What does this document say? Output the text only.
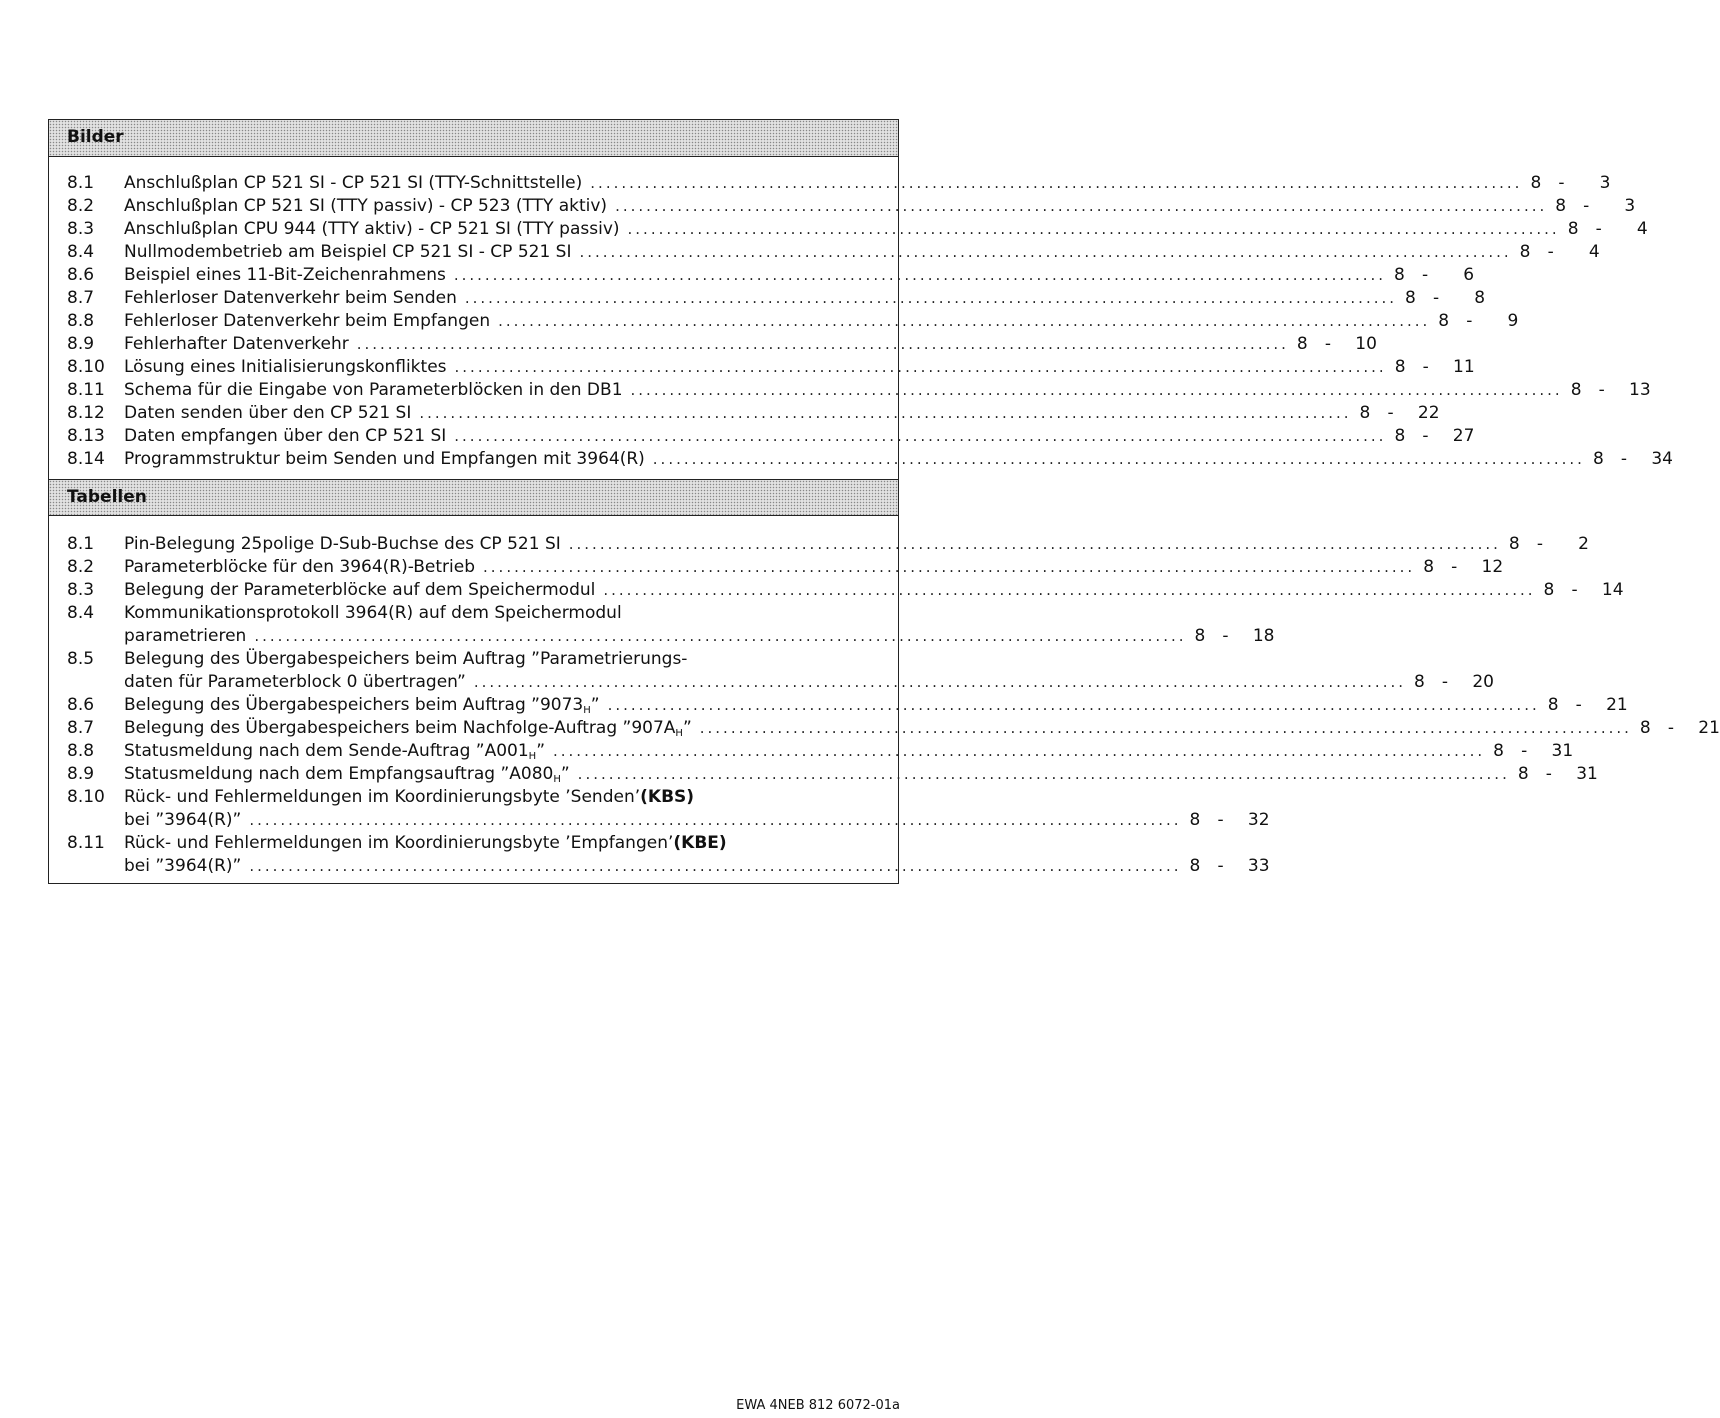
Bilder
8.1	Anschlußplan CP 521 SI - CP 521 SI (TTY-Schnittstelle) ........................................................................................................................ 8 -	3
8.2	Anschlußplan CP 521 SI (TTY passiv) - CP 523 (TTY aktiv) ........................................................................................................................ 8 -	3
8.3	Anschlußplan CPU 944 (TTY aktiv) - CP 521 SI (TTY passiv) ........................................................................................................................ 8 -	4
8.4	Nullmodembetrieb am Beispiel CP 521 SI - CP 521 SI ........................................................................................................................ 8 -	4
8.6	Beispiel eines 11-Bit-Zeichenrahmens ........................................................................................................................ 8 -	6
8.7	Fehlerloser Datenverkehr beim Senden ........................................................................................................................ 8 -	8
8.8	Fehlerloser Datenverkehr beim Empfangen ........................................................................................................................ 8 -	9
8.9	Fehlerhafter Datenverkehr ........................................................................................................................ 8 -	10
8.10	Lösung eines Initialisierungskonfliktes ........................................................................................................................ 8 -	11
8.11	Schema für die Eingabe von Parameterblöcken in den DB1 ........................................................................................................................ 8 -	13
8.12	Daten senden über den CP 521 SI ........................................................................................................................ 8 -	22
8.13	Daten empfangen über den CP 521 SI ........................................................................................................................ 8 -	27
8.14	Programmstruktur beim Senden und Empfangen mit 3964(R) ........................................................................................................................ 8 -	34
Tabellen
8.1	Pin-Belegung 25polige D-Sub-Buchse des CP 521 SI ........................................................................................................................ 8 -	2
8.2	Parameterblöcke für den 3964(R)-Betrieb ........................................................................................................................ 8 -	12
8.3	Belegung der Parameterblöcke auf dem Speichermodul ........................................................................................................................ 8 -	14
8.4	Kommunikationsprotokoll 3964(R) auf dem Speichermodul
parametrieren ........................................................................................................................ 8 -	18
8.5	Belegung des Übergabespeichers beim Auftrag ”Parametrierungs-
daten für Parameterblock 0 übertragen” ........................................................................................................................ 8 -	20
8.6	Belegung des Übergabespeichers beim Auftrag $”9073_H$” ........................................................................................................................ 8 -	21
8.7	Belegung des Übergabespeichers beim Nachfolge-Auftrag $”907A_H$” ........................................................................................................................ 8 -	21
8.8	Statusmeldung nach dem Sende-Auftrag $”A001_H$” ........................................................................................................................ 8 -	31
8.9	Statusmeldung nach dem Empfangsauftrag $”A080_H$” ........................................................................................................................ 8 -	31
8.10	Rück- und Fehlermeldungen im Koordinierungsbyte ’Senden’ (KBS)
bei ”3964(R)” ........................................................................................................................ 8 -	32
8.11	Rück- und Fehlermeldungen im Koordinierungsbyte ’Empfangen’ (KBE)
bei ”3964(R)” ........................................................................................................................ 8 -	33
EWA 4NEB 812 6072-01a
